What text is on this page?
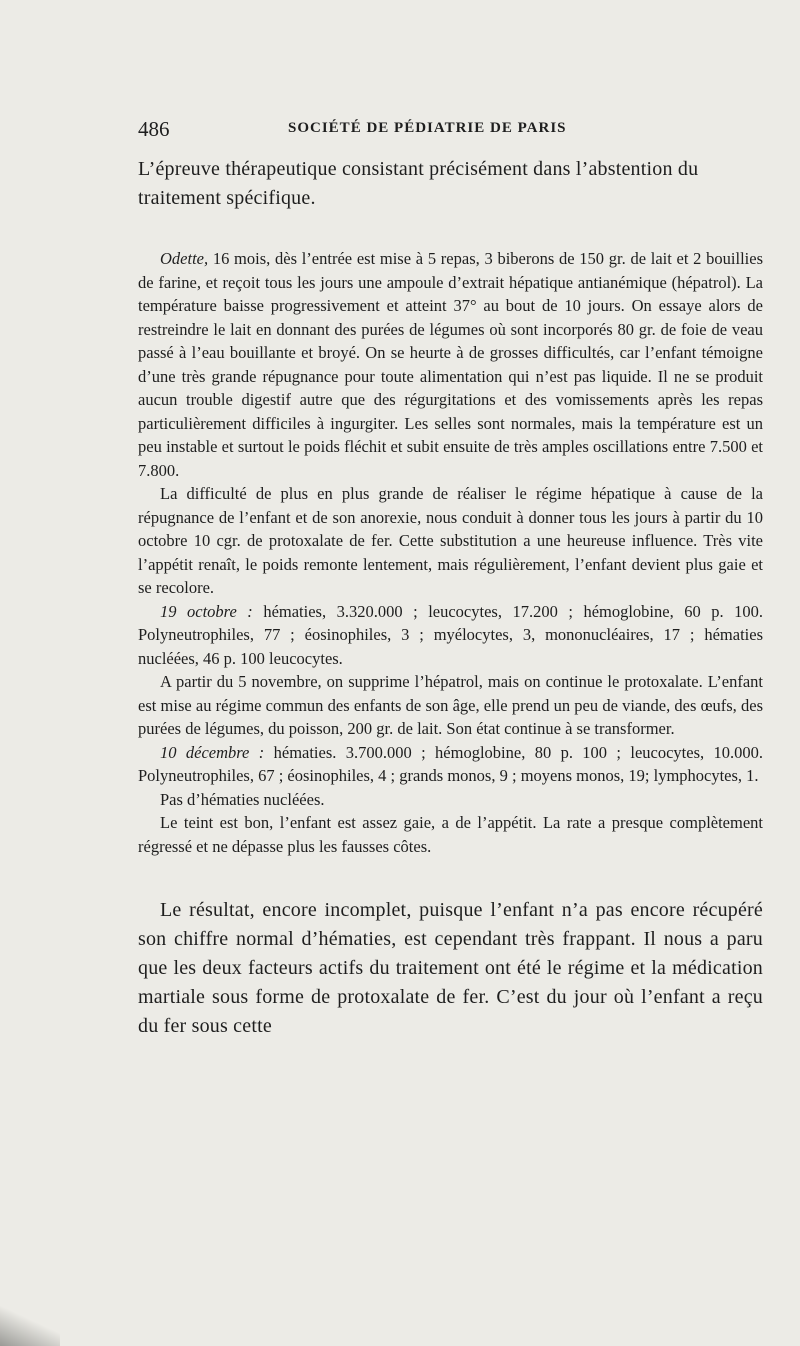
486	SOCIÉTÉ DE PÉDIATRIE DE PARIS

L’épreuve thérapeutique consistant précisément dans l’abstention du traitement spécifique.

Odette, 16 mois, dès l’entrée est mise à 5 repas, 3 biberons de 150 gr. de lait et 2 bouillies de farine, et reçoit tous les jours une ampoule d’extrait hépatique antianémique (hépatrol). La température baisse progressivement et atteint 37° au bout de 10 jours. On essaye alors de restreindre le lait en donnant des purées de légumes où sont incorporés 80 gr. de foie de veau passé à l’eau bouillante et broyé. On se heurte à de grosses difficultés, car l’enfant témoigne d’une très grande répugnance pour toute alimentation qui n’est pas liquide. Il ne se produit aucun trouble digestif autre que des régurgitations et des vomissements après les repas particulièrement difficiles à ingurgiter. Les selles sont normales, mais la température est un peu instable et surtout le poids fléchit et subit ensuite de très amples oscillations entre 7.500 et 7.800.

La difficulté de plus en plus grande de réaliser le régime hépatique à cause de la répugnance de l’enfant et de son anorexie, nous conduit à donner tous les jours à partir du 10 octobre 10 cgr. de protoxalate de fer. Cette substitution a une heureuse influence. Très vite l’appétit renaît, le poids remonte lentement, mais régulièrement, l’enfant devient plus gaie et se recolore.

19 octobre : hématies, 3.320.000 ; leucocytes, 17.200 ; hémoglobine, 60 p. 100. Polyneutrophiles, 77 ; éosinophiles, 3 ; myélocytes, 3, mononucléaires, 17 ; hématies nucléées, 46 p. 100 leucocytes.

A partir du 5 novembre, on supprime l’hépatrol, mais on continue le protoxalate. L’enfant est mise au régime commun des enfants de son âge, elle prend un peu de viande, des œufs, des purées de légumes, du poisson, 200 gr. de lait. Son état continue à se transformer.

10 décembre : hématies. 3.700.000 ; hémoglobine, 80 p. 100 ; leucocytes, 10.000. Polyneutrophiles, 67 ; éosinophiles, 4 ; grands monos, 9 ; moyens monos, 19; lymphocytes, 1.

Pas d’hématies nucléées.

Le teint est bon, l’enfant est assez gaie, a de l’appétit. La rate a presque complètement régressé et ne dépasse plus les fausses côtes.

Le résultat, encore incomplet, puisque l’enfant n’a pas encore récupéré son chiffre normal d’hématies, est cependant très frappant. Il nous a paru que les deux facteurs actifs du traitement ont été le régime et la médication martiale sous forme de protoxalate de fer. C’est du jour où l’enfant a reçu du fer sous cette
